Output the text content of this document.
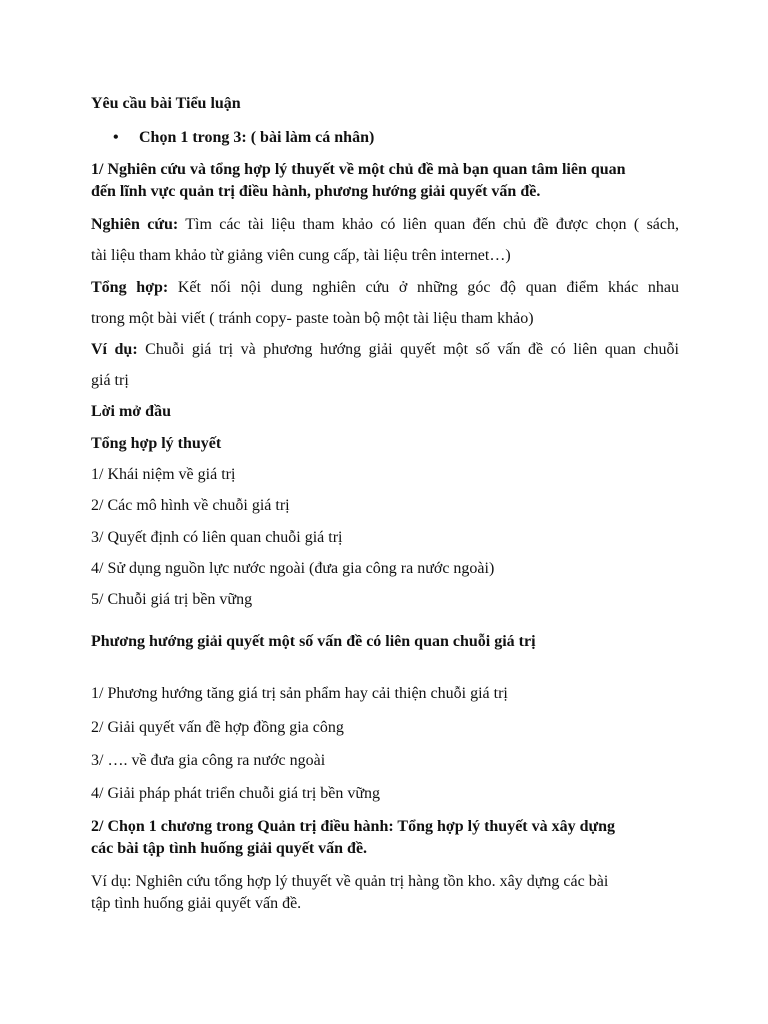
Yêu cầu bài Tiểu luận
• Chọn 1 trong 3: ( bài làm cá nhân)
1/ Nghiên cứu và tổng hợp lý thuyết về một chủ đề mà bạn quan tâm liên quan
đến lĩnh vực quản trị điều hành, phương hướng giải quyết vấn đề.
Nghiên cứu: Tìm các tài liệu tham khảo có liên quan đến chủ đề được chọn ( sách,
tài liệu tham khảo từ giảng viên cung cấp, tài liệu trên internet…)
Tổng hợp: Kết nối nội dung nghiên cứu ở những góc độ quan điểm khác nhau
trong một bài viết ( tránh copy- paste toàn bộ một tài liệu tham khảo)
Ví dụ: Chuỗi giá trị và phương hướng giải quyết một số vấn đề có liên quan chuỗi
giá trị
Lời mở đầu
Tổng hợp lý thuyết
1/ Khái niệm về giá trị
2/ Các mô hình về chuỗi giá trị
3/ Quyết định có liên quan chuỗi giá trị
4/ Sử dụng nguồn lực nước ngoài (đưa gia công ra nước ngoài)
5/ Chuỗi giá trị bền vững
Phương hướng giải quyết một số vấn đề có liên quan chuỗi giá trị
1/ Phương hướng tăng giá trị sản phẩm hay cải thiện chuỗi giá trị
2/ Giải quyết vấn đề hợp đồng gia công
3/ …. về đưa gia công ra nước ngoài
4/ Giải pháp phát triển chuỗi giá trị bền vững
2/ Chọn 1 chương trong Quản trị điều hành: Tổng hợp lý thuyết và xây dựng
các bài tập tình huống giải quyết vấn đề.
Ví dụ: Nghiên cứu tổng hợp lý thuyết về quản trị hàng tồn kho. xây dựng các bài
tập tình huống giải quyết vấn đề.
